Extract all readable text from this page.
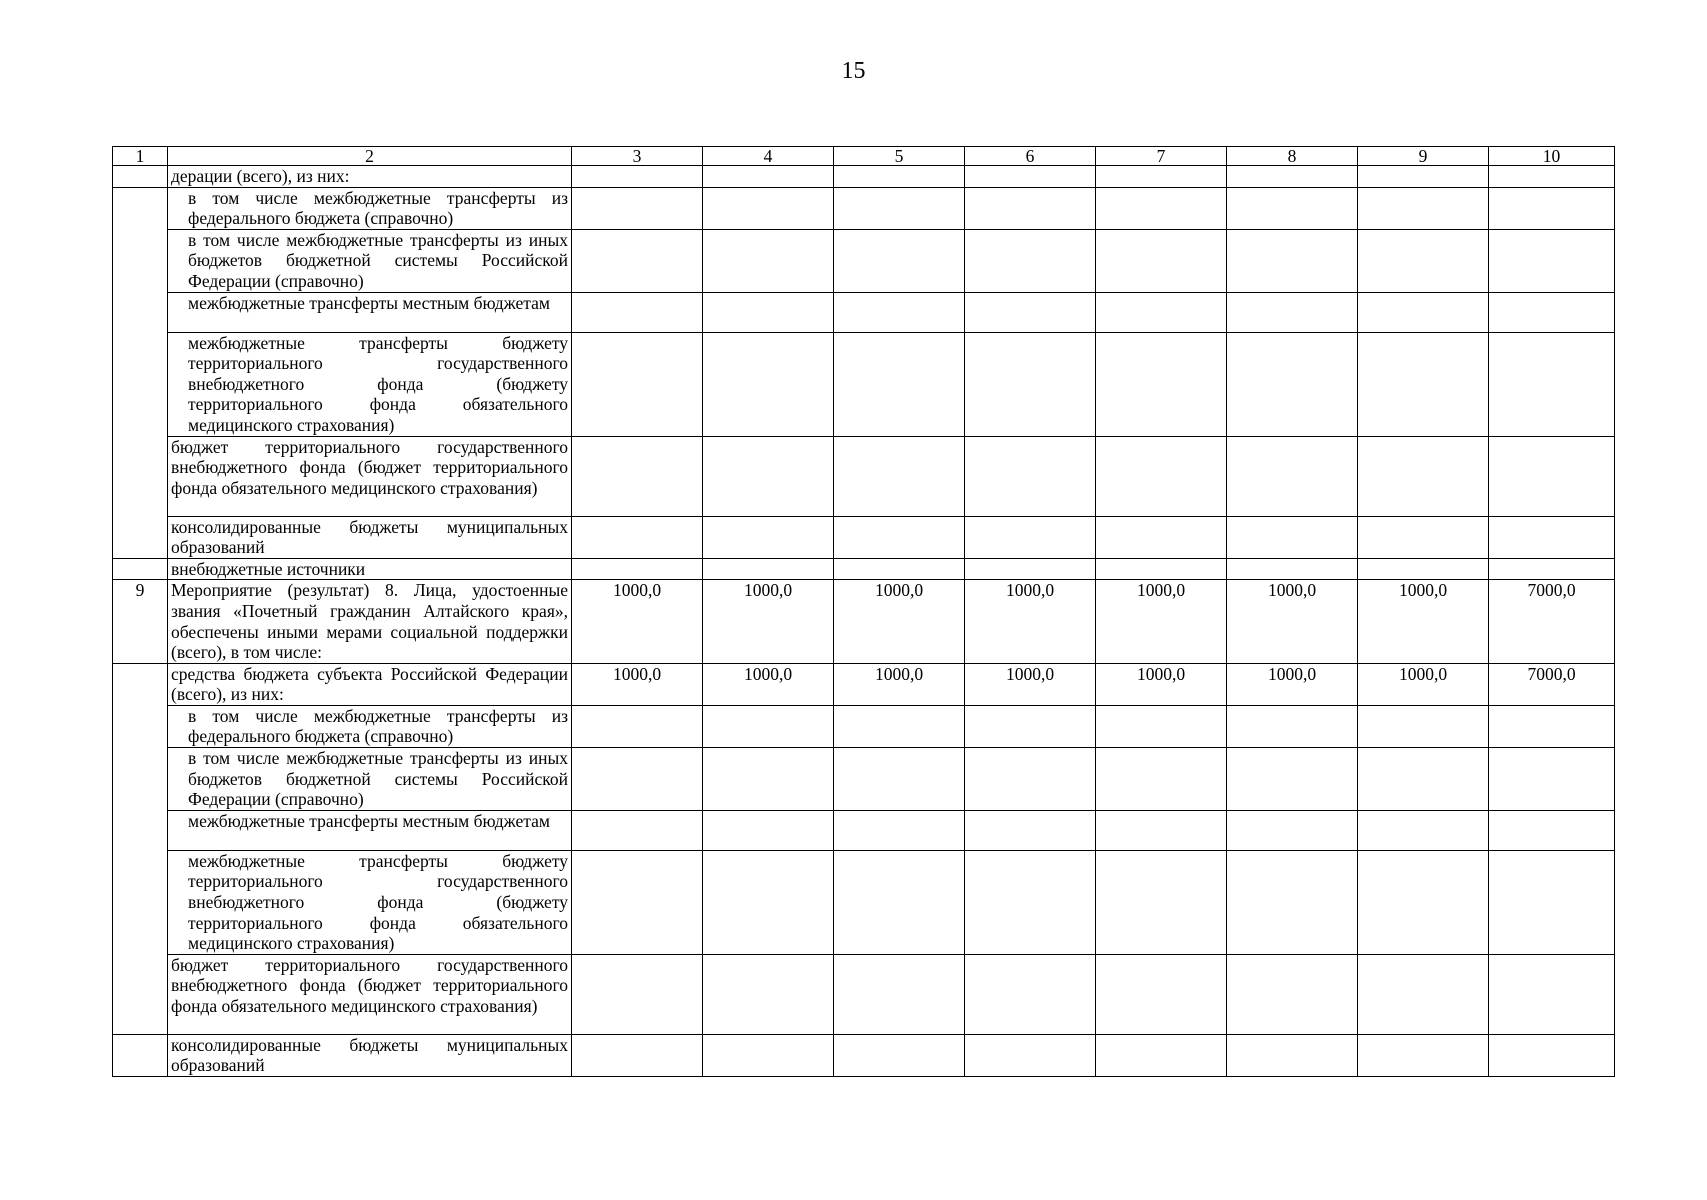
15
1	2	3	4	5	6	7	8	9	10
	дерации (всего), из них:								
	в том числе межбюджетные трансферты из федерального бюджета (справочно)								
	в том числе межбюджетные трансферты из иных бюджетов бюджетной системы Российской Федерации (справочно)								
	межбюджетные трансферты местным бюджетам								
	межбюджетные трансферты бюджету территориального государственного внебюджетного фонда (бюджету территориального фонда обязательного медицинского страхования)								
	бюджет территориального государственного внебюджетного фонда (бюджет территориального фонда обязательного медицинского страхования)								
	консолидированные бюджеты муниципальных образований								
	внебюджетные источники								
9	Мероприятие (результат) 8. Лица, удостоенные звания «Почетный гражданин Алтайского края», обеспечены иными мерами социальной поддержки (всего), в том числе:	1000,0	1000,0	1000,0	1000,0	1000,0	1000,0	1000,0	7000,0
	средства бюджета субъекта Российской Федерации (всего), из них:	1000,0	1000,0	1000,0	1000,0	1000,0	1000,0	1000,0	7000,0
	в том числе межбюджетные трансферты из федерального бюджета (справочно)								
	в том числе межбюджетные трансферты из иных бюджетов бюджетной системы Российской Федерации (справочно)								
	межбюджетные трансферты местным бюджетам								
	межбюджетные трансферты бюджету территориального государственного внебюджетного фонда (бюджету территориального фонда обязательного медицинского страхования)								
	бюджет территориального государственного внебюджетного фонда (бюджет территориального фонда обязательного медицинского страхования)								
	консолидированные бюджеты муниципальных образований								
